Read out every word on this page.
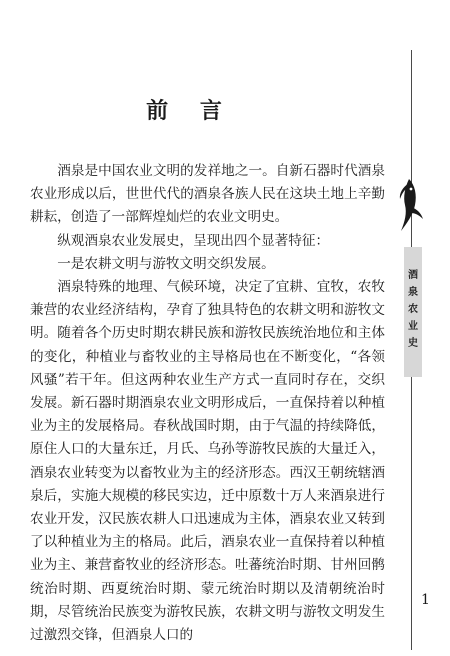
前 言

酒泉是中国农业文明的发祥地之一。自新石器时代酒泉农业形成以后，世世代代的酒泉各族人民在这块土地上辛勤耕耘，创造了一部辉煌灿烂的农业文明史。

纵观酒泉农业发展史，呈现出四个显著特征：

一是农耕文明与游牧文明交织发展。

酒泉特殊的地理、气候环境，决定了宜耕、宜牧，农牧兼营的农业经济结构，孕育了独具特色的农耕文明和游牧文明。随着各个历史时期农耕民族和游牧民族统治地位和主体的变化，种植业与畜牧业的主导格局也在不断变化，“各领风骚”若干年。但这两种农业生产方式一直同时存在，交织发展。新石器时期酒泉农业文明形成后，一直保持着以种植业为主的发展格局。春秋战国时期，由于气温的持续降低，原住人口的大量东迁，月氏、乌孙等游牧民族的大量迁入，酒泉农业转变为以畜牧业为主的经济形态。西汉王朝统辖酒泉后，实施大规模的移民实边，迁中原数十万人来酒泉进行农业开发，汉民族农耕人口迅速成为主体，酒泉农业又转到了以种植业为主的格局。此后，酒泉农业一直保持着以种植业为主、兼营畜牧业的经济形态。吐蕃统治时期、甘州回鹘统治时期、西夏统治时期、蒙元统治时期以及清朝统治时期，尽管统治民族变为游牧民族，农耕文明与游牧文明发生过激烈交锋，但酒泉人口的

酒
泉
农
业
史
1
